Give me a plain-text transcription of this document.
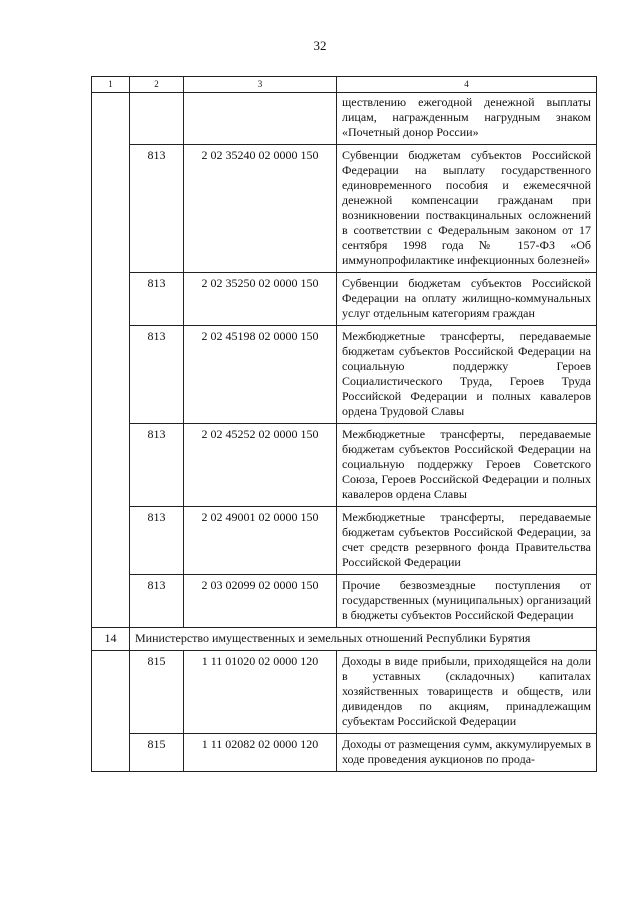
32
1	2	3	4
			ществлению ежегодной денежной выплаты лицам, награжденным нагрудным знаком «Почетный донор России»
	813	2 02 35240 02 0000 150	Субвенции бюджетам субъектов Российской Федерации на выплату государственного единовременного пособия и ежемесячной денежной компенсации гражданам при возникновении поствакцинальных осложнений в соответствии с Федеральным законом от 17 сентября 1998 года № 157-ФЗ «Об иммунопрофилактике инфекционных болезней»
	813	2 02 35250 02 0000 150	Субвенции бюджетам субъектов Российской Федерации на оплату жилищно-коммунальных услуг отдельным категориям граждан
	813	2 02 45198 02 0000 150	Межбюджетные трансферты, передаваемые бюджетам субъектов Российской Федерации на социальную поддержку Героев Социалистического Труда, Героев Труда Российской Федерации и полных кавалеров ордена Трудовой Славы
	813	2 02 45252 02 0000 150	Межбюджетные трансферты, передаваемые бюджетам субъектов Российской Федерации на социальную поддержку Героев Советского Союза, Героев Российской Федерации и полных кавалеров ордена Славы
	813	2 02 49001 02 0000 150	Межбюджетные трансферты, передаваемые бюджетам субъектов Российской Федерации, за счет средств резервного фонда Правительства Российской Федерации
	813	2 03 02099 02 0000 150	Прочие безвозмездные поступления от государственных (муниципальных) организаций в бюджеты субъектов Российской Федерации
14	Министерство имущественных и земельных отношений Республики Бурятия		
	815	1 11 01020 02 0000 120	Доходы в виде прибыли, приходящейся на доли в уставных (складочных) капиталах хозяйственных товариществ и обществ, или дивидендов по акциям, принадлежащим субъектам Российской Федерации
	815	1 11 02082 02 0000 120	Доходы от размещения сумм, аккумулируемых в ходе проведения аукционов по прода-
